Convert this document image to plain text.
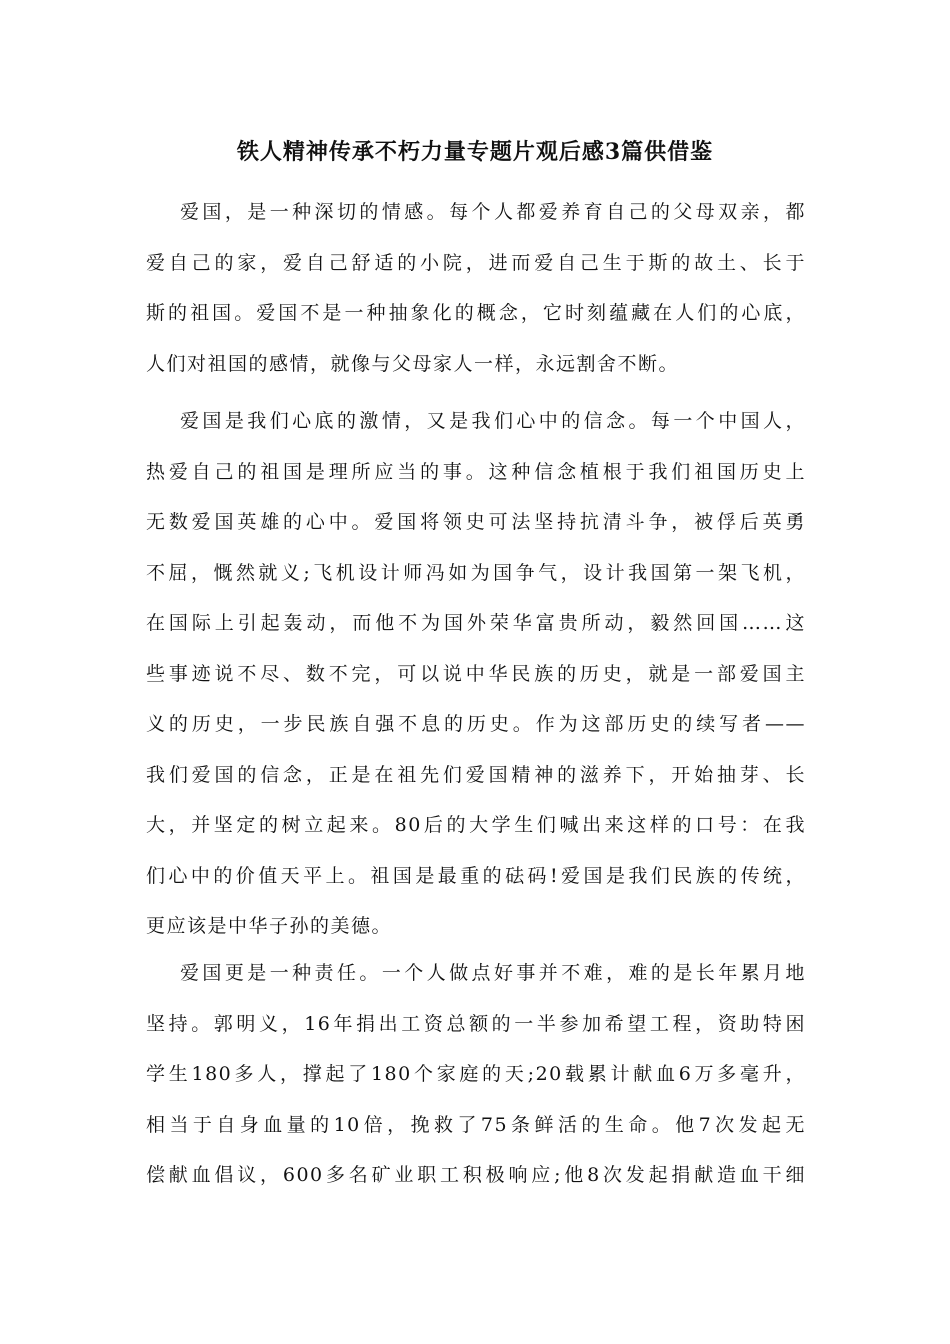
铁人精神传承不朽力量专题片观后感3篇供借鉴
爱国，是一种深切的情感。每个人都爱养育自己的父母双亲，都
爱自己的家，爱自己舒适的小院，进而爱自己生于斯的故土、长于
斯的祖国。爱国不是一种抽象化的概念，它时刻蕴藏在人们的心底，
人们对祖国的感情，就像与父母家人一样，永远割舍不断。
爱国是我们心底的激情，又是我们心中的信念。每一个中国人，
热爱自己的祖国是理所应当的事。这种信念植根于我们祖国历史上
无数爱国英雄的心中。爱国将领史可法坚持抗清斗争，被俘后英勇
不屈，慨然就义;飞机设计师冯如为国争气，设计我国第一架飞机，
在国际上引起轰动，而他不为国外荣华富贵所动，毅然回国……这
些事迹说不尽、数不完，可以说中华民族的历史，就是一部爱国主
义的历史，一步民族自强不息的历史。作为这部历史的续写者——
我们爱国的信念，正是在祖先们爱国精神的滋养下，开始抽芽、长
大，并坚定的树立起来。80后的大学生们喊出来这样的口号：在我
们心中的价值天平上。祖国是最重的砝码!爱国是我们民族的传统，
更应该是中华子孙的美德。
爱国更是一种责任。一个人做点好事并不难，难的是长年累月地
坚持。郭明义，16年捐出工资总额的一半参加希望工程，资助特困
学生180多人，撑起了180个家庭的天;20载累计献血6万多毫升，
相当于自身血量的10倍，挽救了75条鲜活的生命。他7次发起无
偿献血倡议，600多名矿业职工积极响应;他8次发起捐献造血干细
